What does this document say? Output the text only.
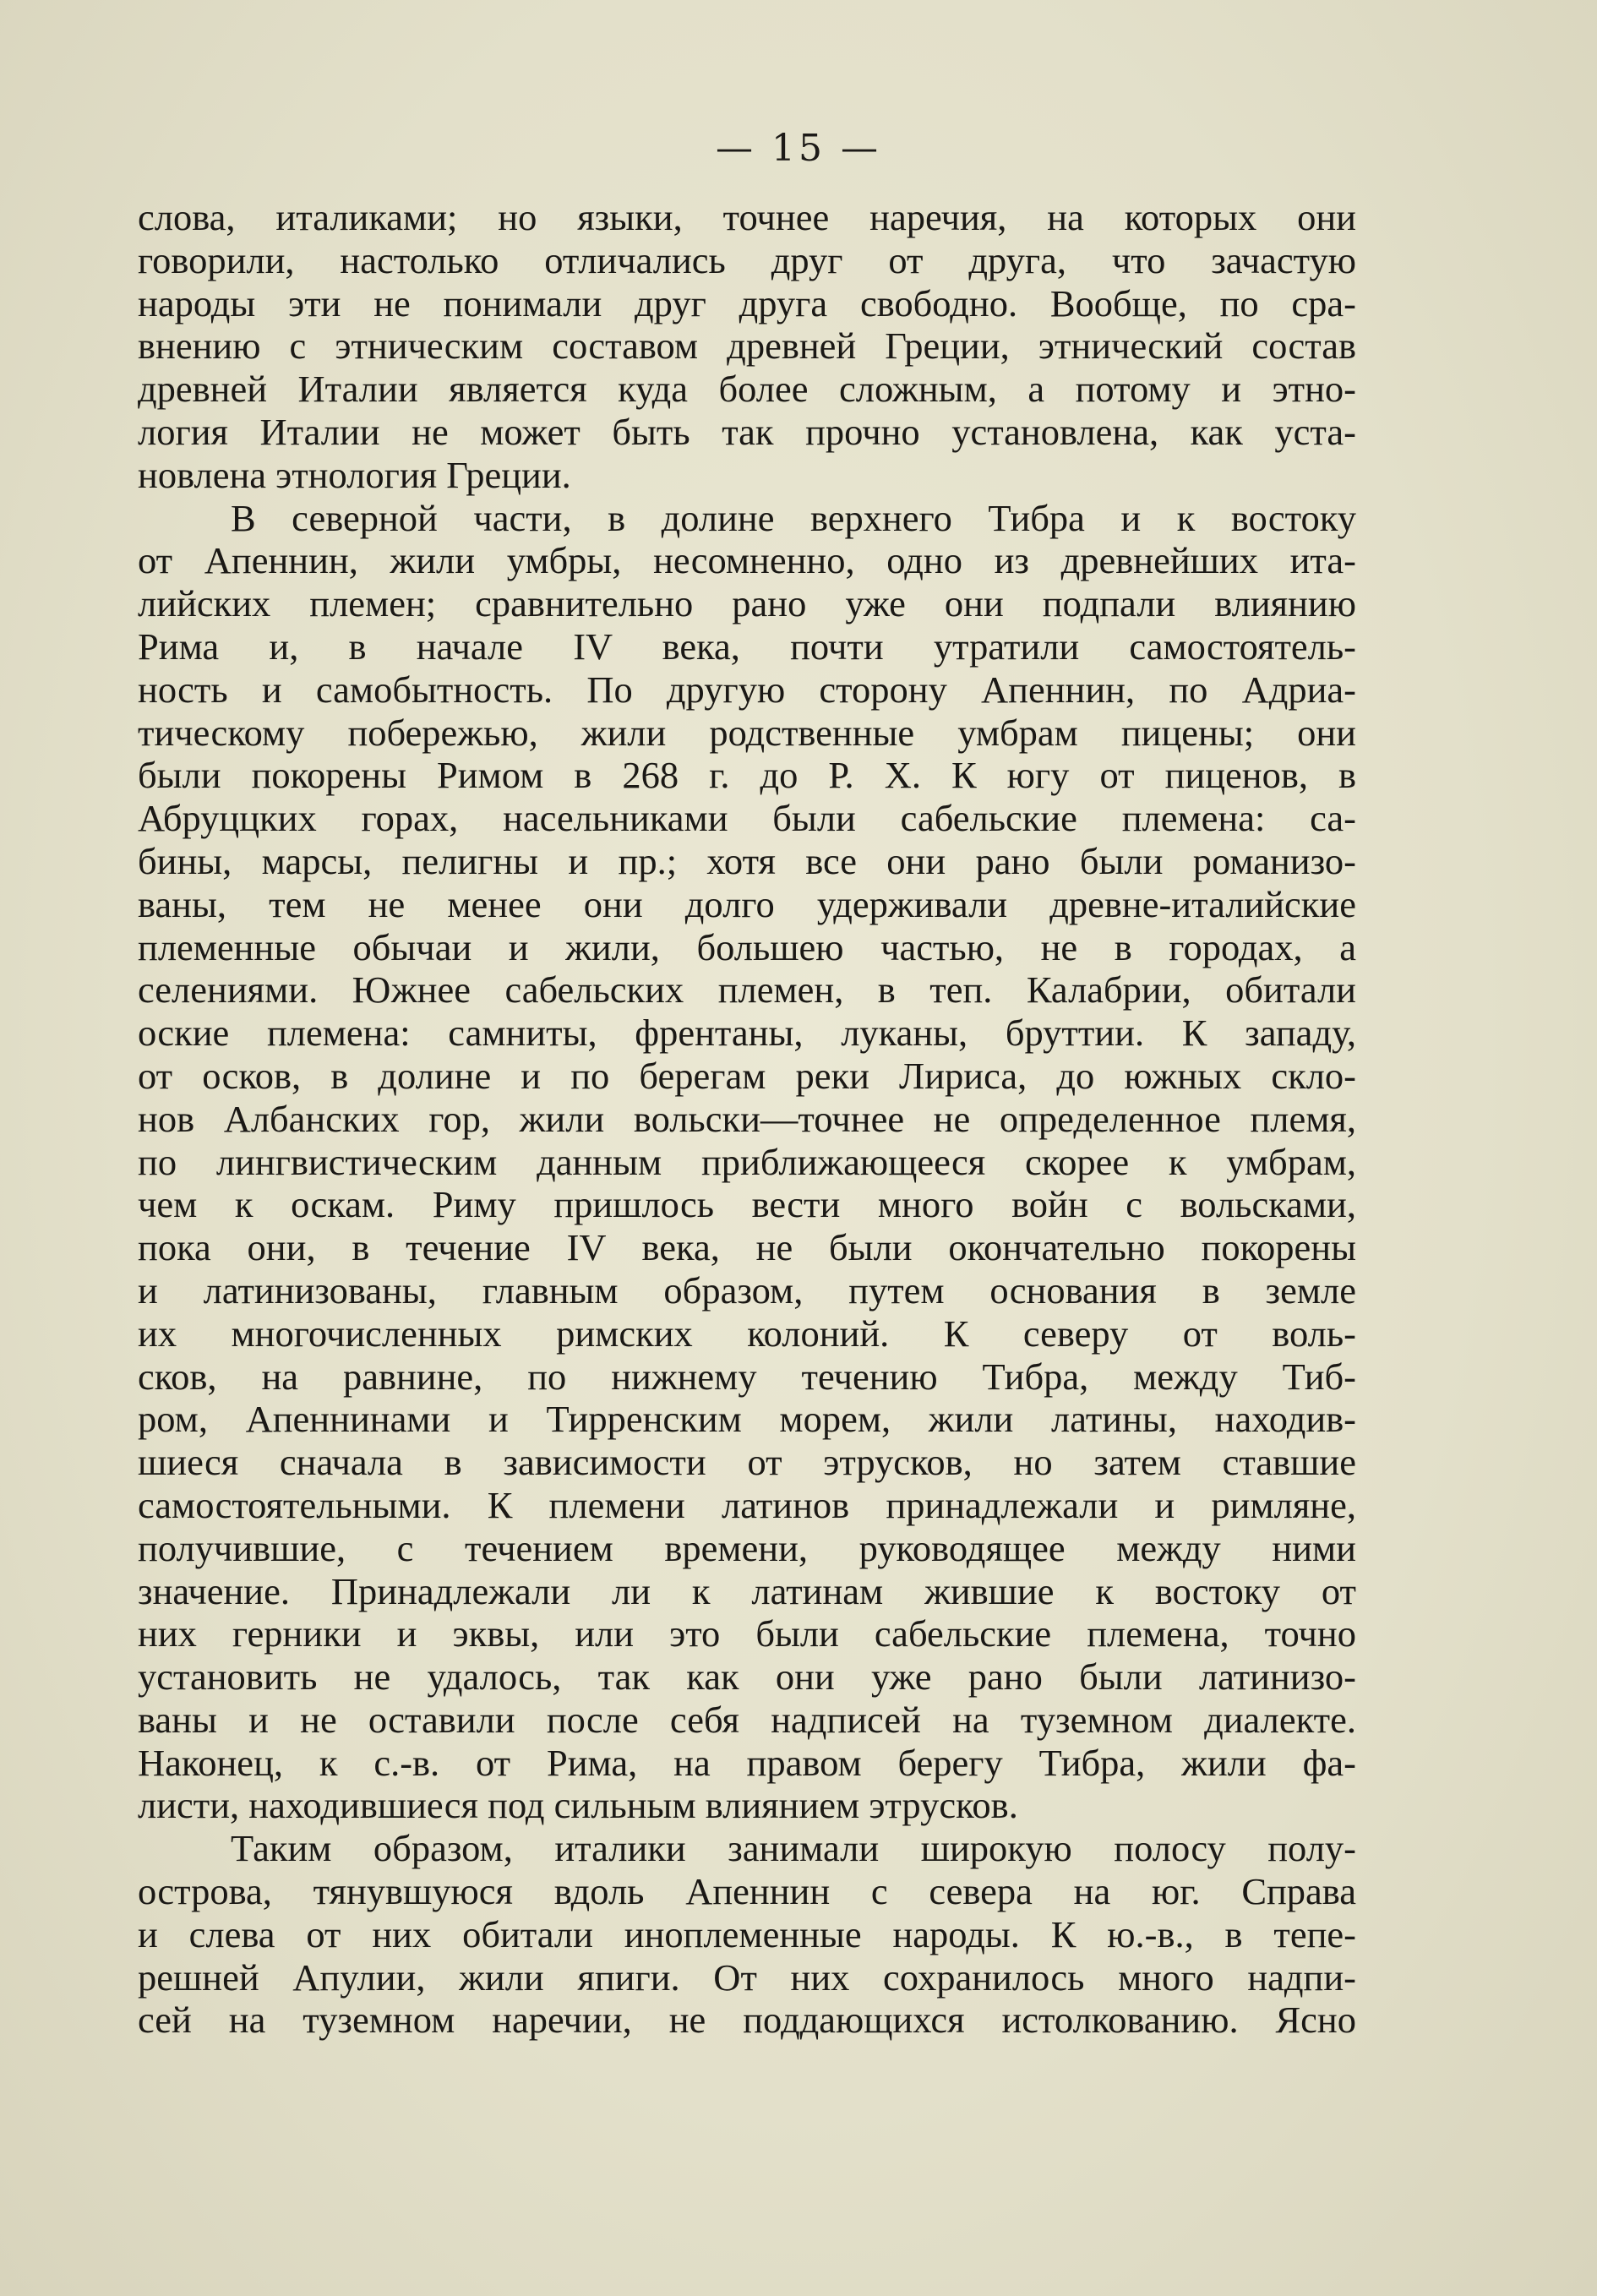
— 15 —
слова, италиками; но языки, точнее наречия, на которых они
говорили, настолько отличались друг от друга, что зачастую
народы эти не понимали друг друга свободно. Вообще, по сра-
внению с этническим составом древней Греции, этнический состав
древней Италии является куда более сложным, а потому и этно-
логия Италии не может быть так прочно установлена, как уста-
новлена этнология Греции.
В северной части, в долине верхнего Тибра и к востоку
от Апеннин, жили умбры, несомненно, одно из древнейших ита-
лийских племен; сравнительно рано уже они подпали влиянию
Рима и, в начале IV века, почти утратили самостоятель-
ность и самобытность. По другую сторону Апеннин, по Адриа-
тическому побережью, жили родственные умбрам пицены; они
были покорены Римом в 268 г. до Р. Х. К югу от пиценов, в
Абруццких горах, насельниками были сабельские племена: са-
бины, марсы, пелигны и пр.; хотя все они рано были романизо-
ваны, тем не менее они долго удерживали древне-италийские
племенные обычаи и жили, большею частью, не в городах, а
селениями. Южнее сабельских племен, в теп. Калабрии, обитали
оские племена: самниты, френтаны, луканы, бруттии. К западу,
от осков, в долине и по берегам реки Лириса, до южных скло-
нов Албанских гор, жили вольски—точнее не определенное племя,
по лингвистическим данным приближающееся скорее к умбрам,
чем к оскам. Риму пришлось вести много войн с вольсками,
пока они, в течение IV века, не были окончательно покорены
и латинизованы, главным образом, путем основания в земле
их многочисленных римских колоний. К северу от воль-
сков, на равнине, по нижнему течению Тибра, между Тиб-
ром, Апеннинами и Тирренским морем, жили латины, находив-
шиеся сначала в зависимости от этрусков, но затем ставшие
самостоятельными. К племени латинов принадлежали и римляне,
получившие, с течением времени, руководящее между ними
значение. Принадлежали ли к латинам жившие к востоку от
них герники и эквы, или это были сабельские племена, точно
установить не удалось, так как они уже рано были латинизо-
ваны и не оставили после себя надписей на туземном диалекте.
Наконец, к с.-в. от Рима, на правом берегу Тибра, жили фа-
листи, находившиеся под сильным влиянием этрусков.
Таким образом, италики занимали широкую полосу полу-
острова, тянувшуюся вдоль Апеннин с севера на юг. Справа
и слева от них обитали иноплеменные народы. К ю.-в., в тепе-
решней Апулии, жили япиги. От них сохранилось много надпи-
сей на туземном наречии, не поддающихся истолкованию. Ясно
